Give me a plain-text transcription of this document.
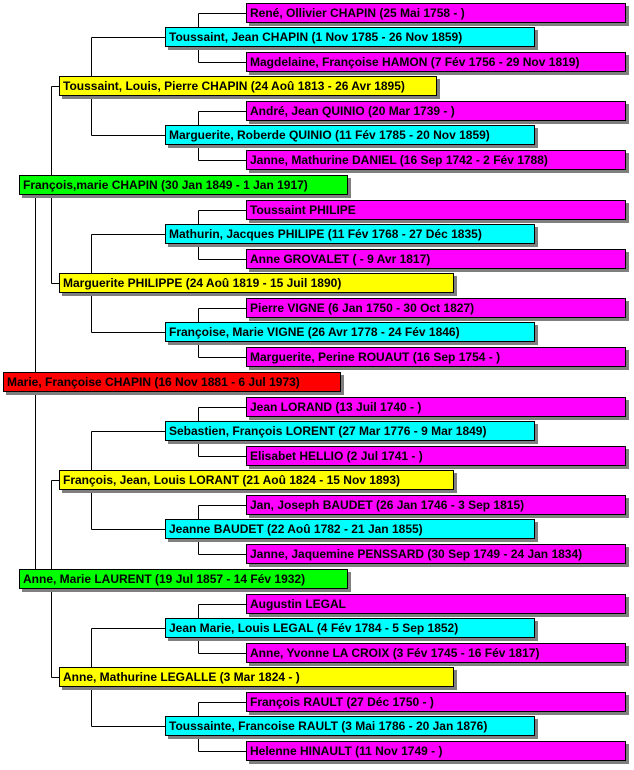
Marie, Françoise CHAPIN (16 Nov 1881 - 6 Jul 1973)
François,marie CHAPIN (30 Jan 1849 - 1 Jan 1917)
Toussaint, Louis, Pierre CHAPIN (24 Aoû 1813 - 26 Avr 1895)
Toussaint, Jean CHAPIN (1 Nov 1785 - 26 Nov 1859)
René, Ollivier CHAPIN (25 Mai 1758 - )
Magdelaine, Françoise HAMON (7 Fév 1756 - 29 Nov 1819)
Marguerite, Roberde QUINIO (11 Fév 1785 - 20 Nov 1859)
André, Jean QUINIO (20 Mar 1739 - )
Janne, Mathurine DANIEL (16 Sep 1742 - 2 Fév 1788)
Marguerite PHILIPPE (24 Aoû 1819 - 15 Juil 1890)
Mathurin, Jacques PHILIPE (11 Fév 1768 - 27 Déc 1835)
Toussaint PHILIPE
Anne GROVALET ( - 9 Avr 1817)
Françoise, Marie VIGNE (26 Avr 1778 - 24 Fév 1846)
Pierre VIGNE (6 Jan 1750 - 30 Oct 1827)
Marguerite, Perine ROUAUT (16 Sep 1754 - )
Anne, Marie LAURENT (19 Jul 1857 - 14 Fév 1932)
François, Jean, Louis LORANT (21 Aoû 1824 - 15 Nov 1893)
Sebastien, François LORENT (27 Mar 1776 - 9 Mar 1849)
Jean LORAND (13 Juil 1740 - )
Elisabet HELLIO (2 Jul 1741 - )
Jeanne BAUDET (22 Aoû 1782 - 21 Jan 1855)
Jan, Joseph BAUDET (26 Jan 1746 - 3 Sep 1815)
Janne, Jaquemine PENSSARD (30 Sep 1749 - 24 Jan 1834)
Anne, Mathurine LEGALLE (3 Mar 1824 - )
Jean Marie, Louis LEGAL (4 Fév 1784 - 5 Sep 1852)
Augustin LEGAL
Anne, Yvonne LA CROIX (3 Fév 1745 - 16 Fév 1817)
Toussainte, Francoise RAULT (3 Mai 1786 - 20 Jan 1876)
François RAULT (27 Déc 1750 - )
Helenne HINAULT (11 Nov 1749 - )
